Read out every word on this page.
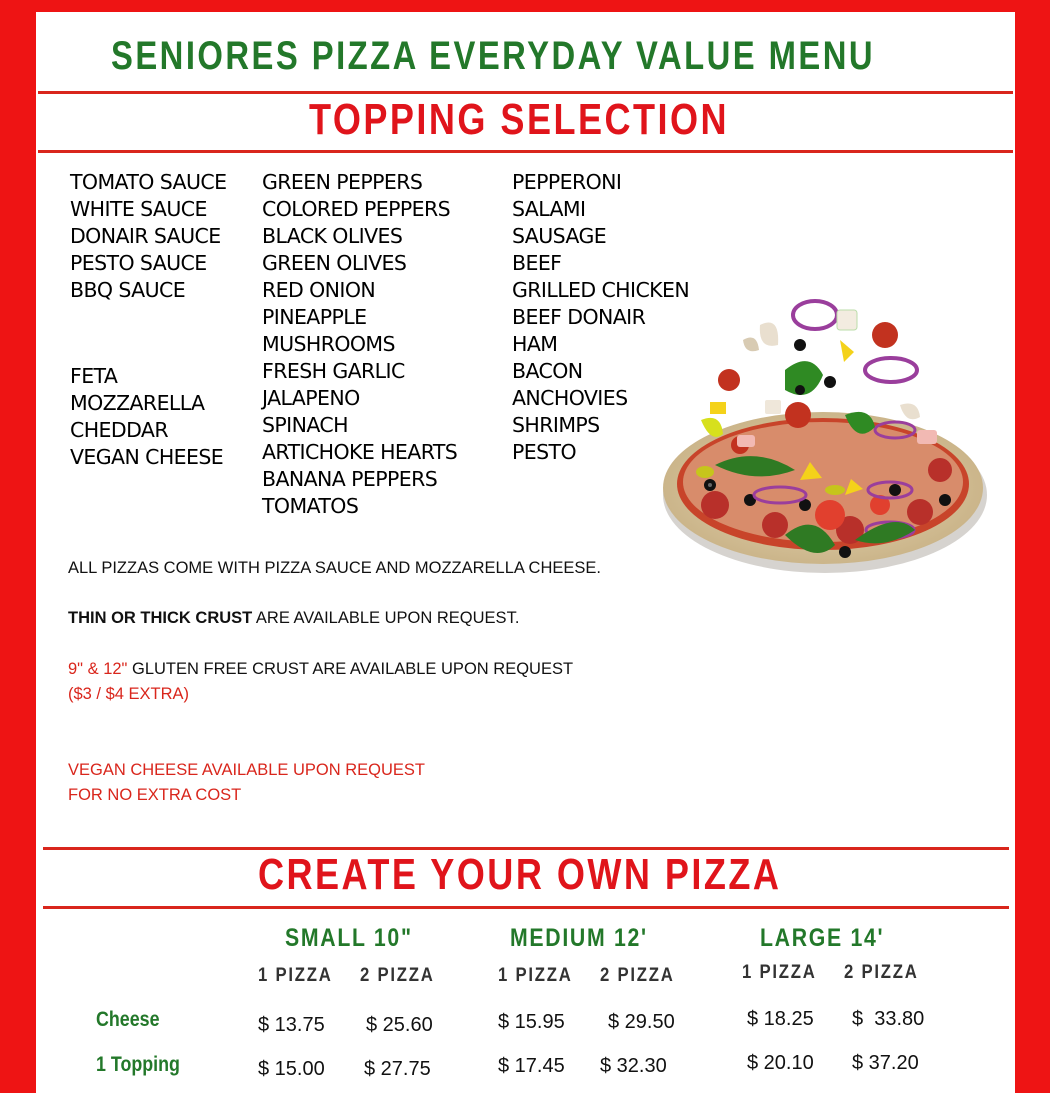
SENIORES PIZZA EVERYDAY VALUE MENU
TOPPING SELECTION
TOMATO SAUCE
WHITE SAUCE
DONAIR SAUCE
PESTO SAUCE
BBQ SAUCE
FETA
MOZZARELLA
CHEDDAR
VEGAN CHEESE
GREEN PEPPERS
COLORED PEPPERS
BLACK OLIVES
GREEN OLIVES
RED ONION
PINEAPPLE
MUSHROOMS
FRESH GARLIC
JALAPENO
SPINACH
ARTICHOKE HEARTS
BANANA PEPPERS
TOMATOS
PEPPERONI
SALAMI
SAUSAGE
BEEF
GRILLED CHICKEN
BEEF DONAIR
HAM
BACON
ANCHOVIES
SHRIMPS
PESTO
ALL PIZZAS COME WITH PIZZA SAUCE AND MOZZARELLA CHEESE.
THIN OR THICK CRUST ARE AVAILABLE UPON REQUEST.
9" & 12" GLUTEN FREE CRUST ARE AVAILABLE UPON REQUEST
($3 / $4 EXTRA)
VEGAN CHEESE AVAILABLE UPON REQUEST
FOR NO EXTRA COST
CREATE YOUR OWN PIZZA
SMALL 10"	MEDIUM 12'	LARGE 14'
1 PIZZA 2 PIZZA	1 PIZZA 2 PIZZA	1 PIZZA 2 PIZZA
Cheese	$ 13.75 $ 25.60	$ 15.95 $ 29.50	$ 18.25 $  33.80
1 Topping	$ 15.00 $ 27.75	$ 17.45 $ 32.30	$ 20.10 $ 37.20
